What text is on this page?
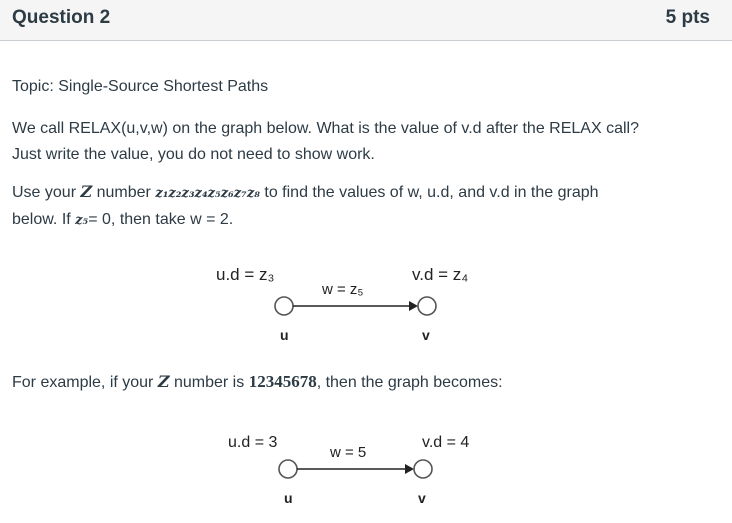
Question 2	5 pts

Topic: Single-Source Shortest Paths

We call RELAX(u,v,w) on the graph below. What is the value of v.d after the RELAX call?
Just write the value, you do not need to show work.

Use your Z number z₁z₂z₃z₄z₅z₆z₇z₈ to find the values of w, u.d, and v.d in the graph
below. If z₅= 0, then take w = 2.

u.d = z₃	v.d = z₄
w = z₅
u	v

For example, if your Z number is 12345678, then the graph becomes:

u.d = 3	v.d = 4
w = 5
u	v
